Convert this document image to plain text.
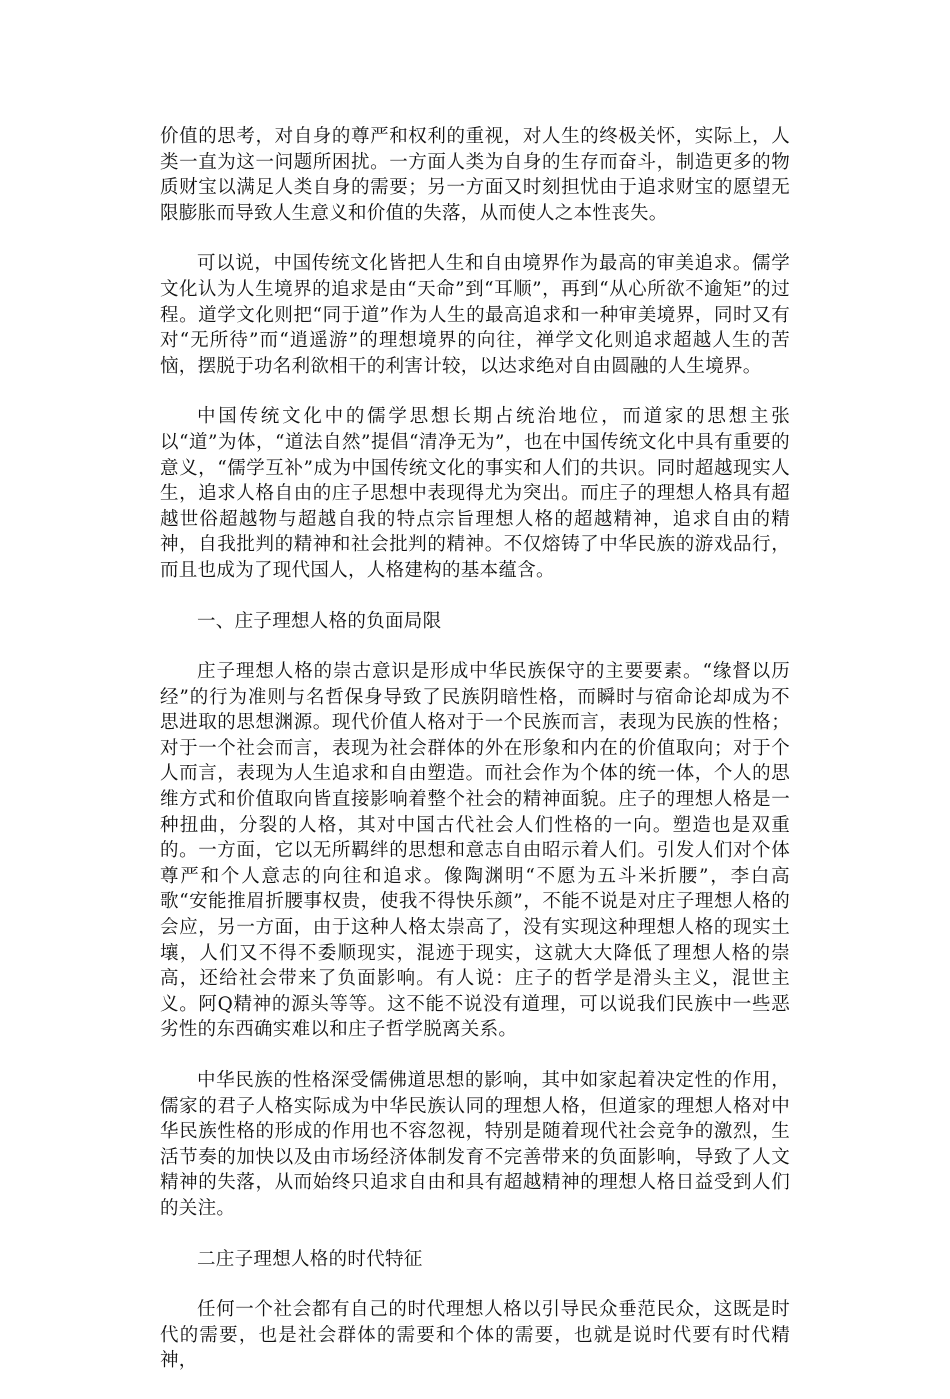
价值的思考，对自身的尊严和权利的重视，对人生的终极关怀，实际上，人类一直为这一问题所困扰。一方面人类为自身的生存而奋斗，制造更多的物质财宝以满足人类自身的需要；另一方面又时刻担忧由于追求财宝的愿望无限膨胀而导致人生意义和价值的失落，从而使人之本性丧失。

可以说，中国传统文化皆把人生和自由境界作为最高的审美追求。儒学文化认为人生境界的追求是由“天命”到“耳顺”，再到“从心所欲不逾矩”的过程。道学文化则把“同于道”作为人生的最高追求和一种审美境界，同时又有对“无所待”而“逍遥游”的理想境界的向往，禅学文化则追求超越人生的苦恼，摆脱于功名利欲相干的利害计较，以达求绝对自由圆融的人生境界。

中国传统文化中的儒学思想长期占统治地位，而道家的思想主张以“道”为体，“道法自然”提倡“清净无为”，也在中国传统文化中具有重要的意义，“儒学互补”成为中国传统文化的事实和人们的共识。同时超越现实人生，追求人格自由的庄子思想中表现得尤为突出。而庄子的理想人格具有超越世俗超越物与超越自我的特点宗旨理想人格的超越精神，追求自由的精神，自我批判的精神和社会批判的精神。不仅熔铸了中华民族的游戏品行，而且也成为了现代国人，人格建构的基本蕴含。

一、庄子理想人格的负面局限

庄子理想人格的崇古意识是形成中华民族保守的主要要素。“缘督以历经”的行为准则与名哲保身导致了民族阴暗性格，而瞬时与宿命论却成为不思进取的思想渊源。现代价值人格对于一个民族而言，表现为民族的性格；对于一个社会而言，表现为社会群体的外在形象和内在的价值取向；对于个人而言，表现为人生追求和自由塑造。而社会作为个体的统一体，个人的思维方式和价值取向皆直接影响着整个社会的精神面貌。庄子的理想人格是一种扭曲，分裂的人格，其对中国古代社会人们性格的一向。塑造也是双重的。一方面，它以无所羁绊的思想和意志自由昭示着人们。引发人们对个体尊严和个人意志的向往和追求。像陶渊明“不愿为五斗米折腰”，李白高歌“安能推眉折腰事权贵，使我不得快乐颜”，不能不说是对庄子理想人格的会应，另一方面，由于这种人格太崇高了，没有实现这种理想人格的现实土壤，人们又不得不委顺现实，混迹于现实，这就大大降低了理想人格的崇高，还给社会带来了负面影响。有人说：庄子的哲学是滑头主义，混世主义。阿Q精神的源头等等。这不能不说没有道理，可以说我们民族中一些恶劣性的东西确实难以和庄子哲学脱离关系。

中华民族的性格深受儒佛道思想的影响，其中如家起着决定性的作用，儒家的君子人格实际成为中华民族认同的理想人格，但道家的理想人格对中华民族性格的形成的作用也不容忽视，特别是随着现代社会竞争的激烈，生活节奏的加快以及由市场经济体制发育不完善带来的负面影响，导致了人文精神的失落，从而始终只追求自由和具有超越精神的理想人格日益受到人们的关注。

二庄子理想人格的时代特征

任何一个社会都有自己的时代理想人格以引导民众垂范民众，这既是时代的需要，也是社会群体的需要和个体的需要，也就是说时代要有时代精神，
